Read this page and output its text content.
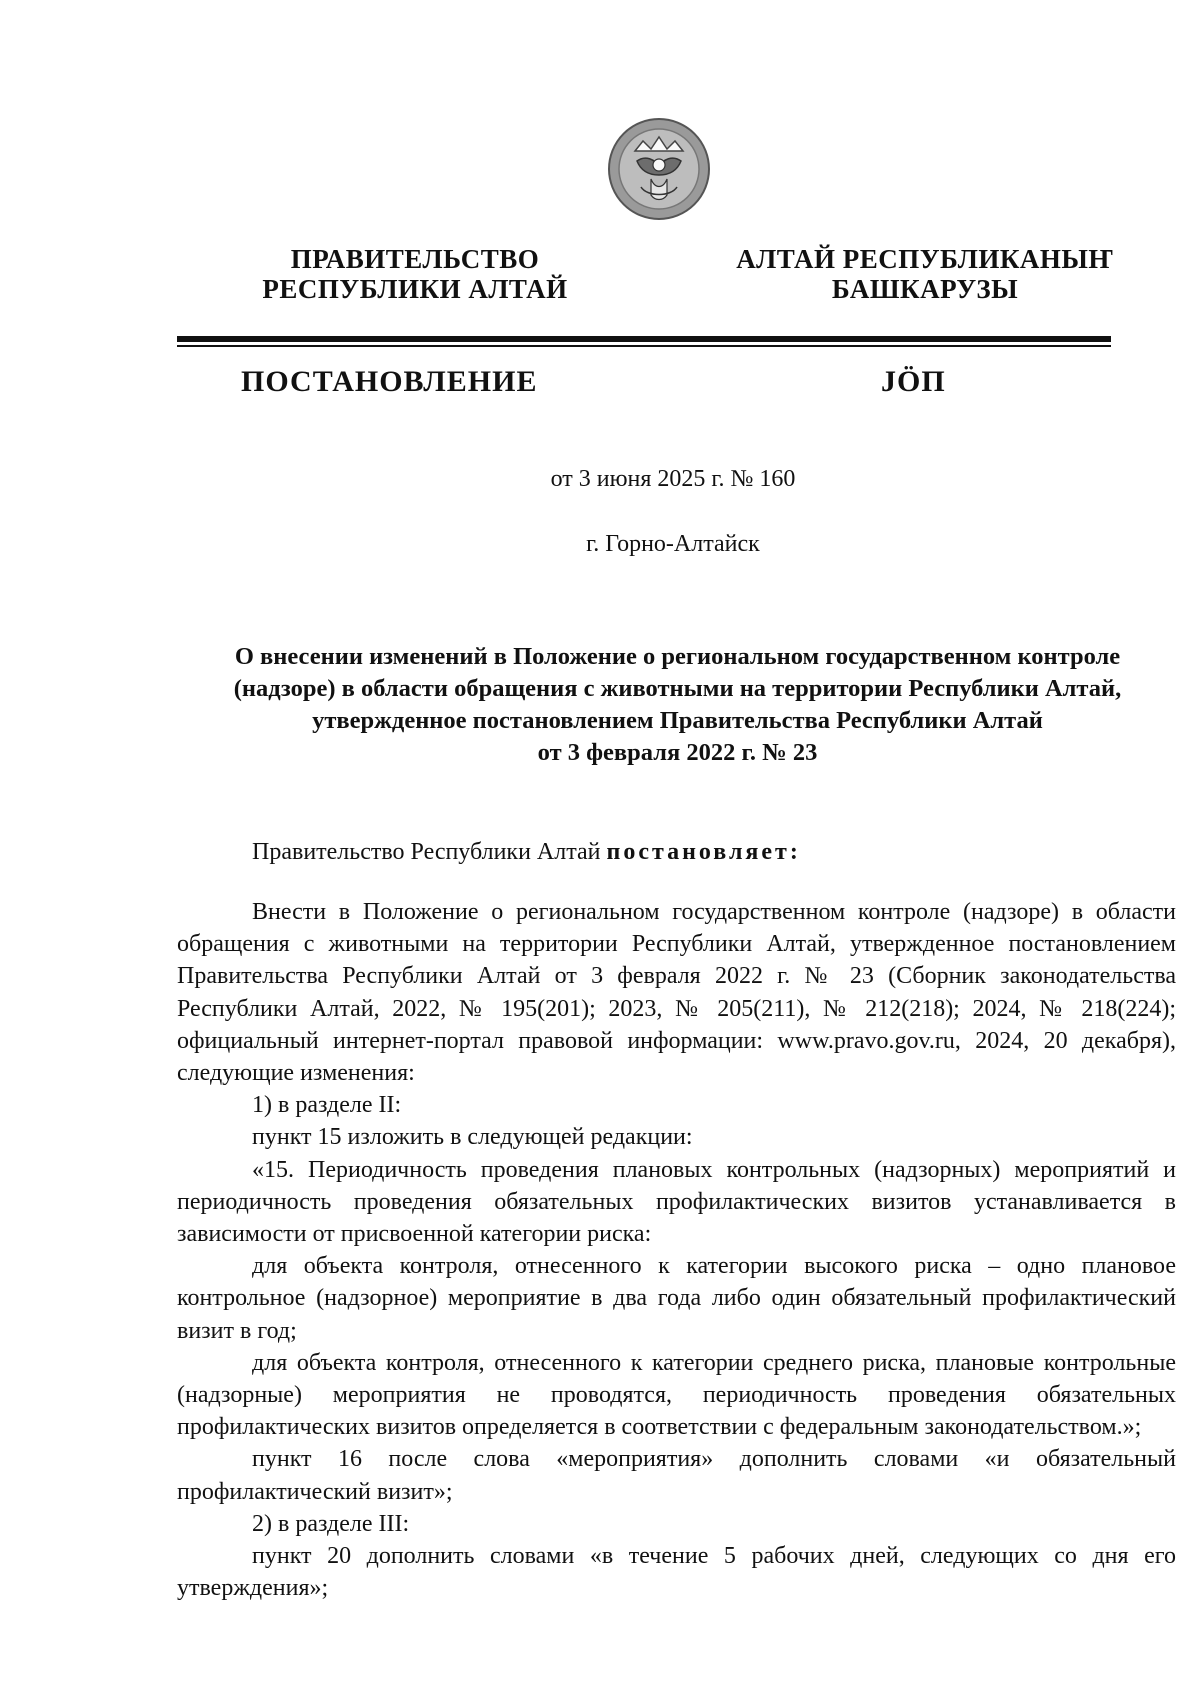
ПРАВИТЕЛЬСТВО
РЕСПУБЛИКИ АЛТАЙ
АЛТАЙ РЕСПУБЛИКАНЫҤ
БАШКАРУЗЫ
ПОСТАНОВЛЕНИЕ	JӦП
от 3 июня 2025 г. № 160
г. Горно-Алтайск
О внесении изменений в Положение о региональном государственном контроле
(надзоре) в области обращения с животными на территории Республики Алтай,
утвержденное постановлением Правительства Республики Алтай
от 3 февраля 2022 г. № 23
Правительство Республики Алтай постановляет:

Внести в Положение о региональном государственном контроле (надзоре) в области обращения с животными на территории Республики Алтай, утвержденное постановлением Правительства Республики Алтай от 3 февраля 2022 г. № 23 (Сборник законодательства Республики Алтай, 2022, № 195(201); 2023, № 205(211), № 212(218); 2024, № 218(224); официальный интернет-портал правовой информации: www.pravo.gov.ru, 2024, 20 декабря), следующие изменения:

1) в разделе II:

пункт 15 изложить в следующей редакции:

«15. Периодичность проведения плановых контрольных (надзорных) мероприятий и периодичность проведения обязательных профилактических визитов устанавливается в зависимости от присвоенной категории риска:

для объекта контроля, отнесенного к категории высокого риска – одно плановое контрольное (надзорное) мероприятие в два года либо один обязательный профилактический визит в год;

для объекта контроля, отнесенного к категории среднего риска, плановые контрольные (надзорные) мероприятия не проводятся, периодичность проведения обязательных профилактических визитов определяется в соответствии с федеральным законодательством.»;

пункт 16 после слова «мероприятия» дополнить словами «и обязательный профилактический визит»;

2) в разделе III:

пункт 20 дополнить словами «в течение 5 рабочих дней, следующих со дня его утверждения»;
